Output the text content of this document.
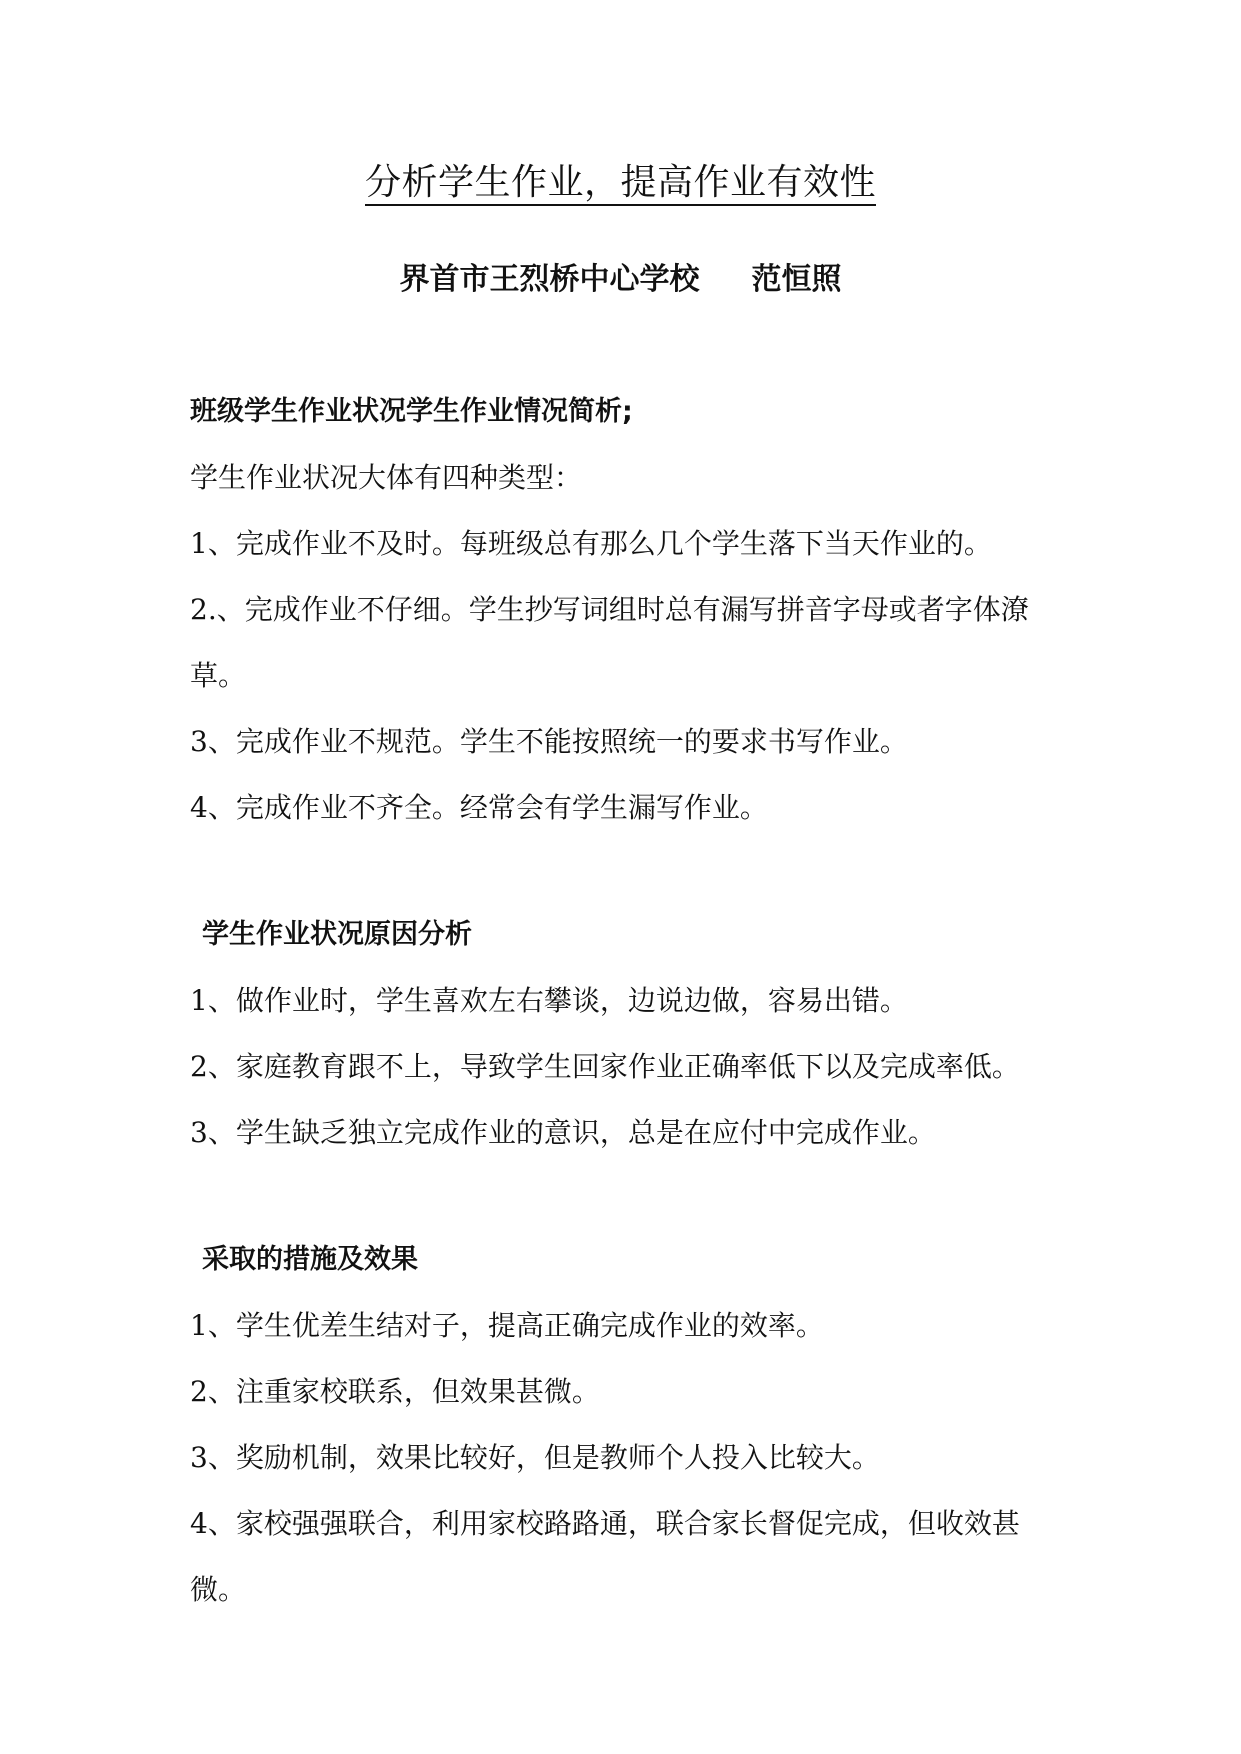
分析学生作业，提高作业有效性
界首市王烈桥中心学校 范恒照
班级学生作业状况学生作业情况简析;
学生作业状况大体有四种类型：
1、完成作业不及时。每班级总有那么几个学生落下当天作业的。
2.、完成作业不仔细。学生抄写词组时总有漏写拼音字母或者字体潦
草。
3、完成作业不规范。学生不能按照统一的要求书写作业。
4、完成作业不齐全。经常会有学生漏写作业。
学生作业状况原因分析
1、做作业时，学生喜欢左右攀谈，边说边做，容易出错。
2、家庭教育跟不上，导致学生回家作业正确率低下以及完成率低。
3、学生缺乏独立完成作业的意识，总是在应付中完成作业。
采取的措施及效果
1、学生优差生结对子，提高正确完成作业的效率。
2、注重家校联系，但效果甚微。
3、奖励机制，效果比较好，但是教师个人投入比较大。
4、家校强强联合，利用家校路路通，联合家长督促完成，但收效甚
微。
